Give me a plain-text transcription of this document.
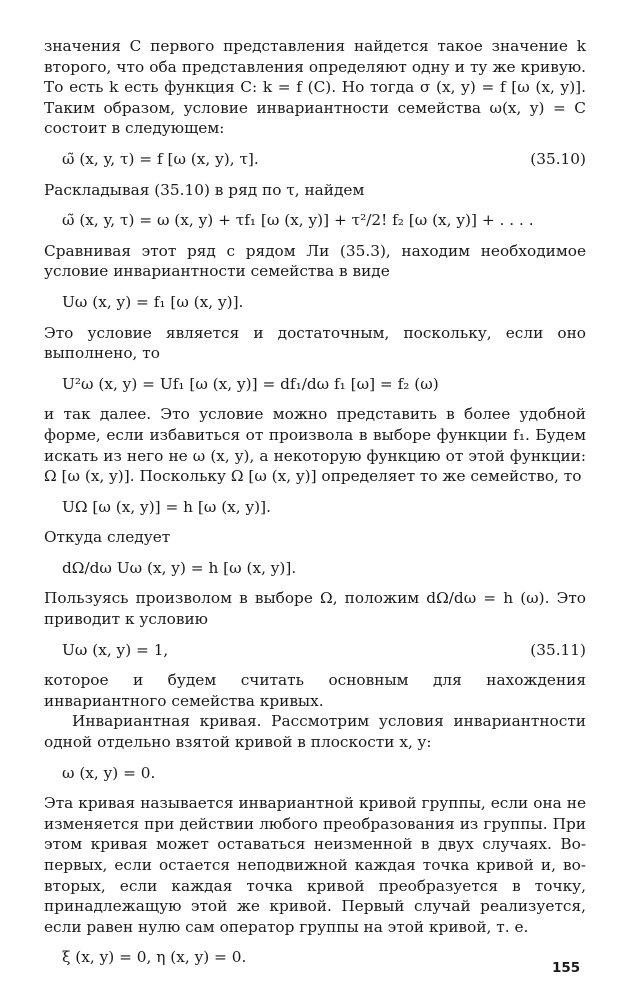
значения C первого представления найдется такое значение k второго, что оба представления определяют одну и ту же кривую. То есть k есть функция C: k = f (C). Но тогда σ (x, y) = f [ω (x, y)]. Таким образом, условие инвариантности семейства ω(x, y) = C состоит в следующем:

ω̃ (x, y, τ) = f [ω (x, y), τ].	(35.10)

Раскладывая (35.10) в ряд по τ, найдем

ω̃ (x, y, τ) = ω (x, y) + τf₁ [ω (x, y)] + τ²/2! f₂ [ω (x, y)] + . . . .

Сравнивая этот ряд с рядом Ли (35.3), находим необходимое условие инвариантности семейства в виде

Uω (x, y) = f₁ [ω (x, y)].

Это условие является и достаточным, поскольку, если оно выполнено, то

U²ω (x, y) = Uf₁ [ω (x, y)] = df₁/dω f₁ [ω] = f₂ (ω)

и так далее. Это условие можно представить в более удобной форме, если избавиться от произвола в выборе функции f₁. Будем искать из него не ω (x, y), а некоторую функцию от этой функции: Ω [ω (x, y)]. Поскольку Ω [ω (x, y)] определяет то же семейство, то

UΩ [ω (x, y)] = h [ω (x, y)].

Откуда следует

dΩ/dω Uω (x, y) = h [ω (x, y)].

Пользуясь произволом в выборе Ω, положим dΩ/dω = h (ω). Это приводит к условию

Uω (x, y) = 1,	(35.11)

которое и будем считать основным для нахождения инвариантного семейства кривых.

Инвариантная кривая. Рассмотрим условия инвариантности одной отдельно взятой кривой в плоскости x, y:

ω (x, y) = 0.

Эта кривая называется инвариантной кривой группы, если она не изменяется при действии любого преобразования из группы. При этом кривая может оставаться неизменной в двух случаях. Во-первых, если остается неподвижной каждая точка кривой и, во-вторых, если каждая точка кривой преобразуется в точку, принадлежащую этой же кривой. Первый случай реализуется, если равен нулю сам оператор группы на этой кривой, т. е.

ξ (x, y) = 0, η (x, y) = 0.
155
